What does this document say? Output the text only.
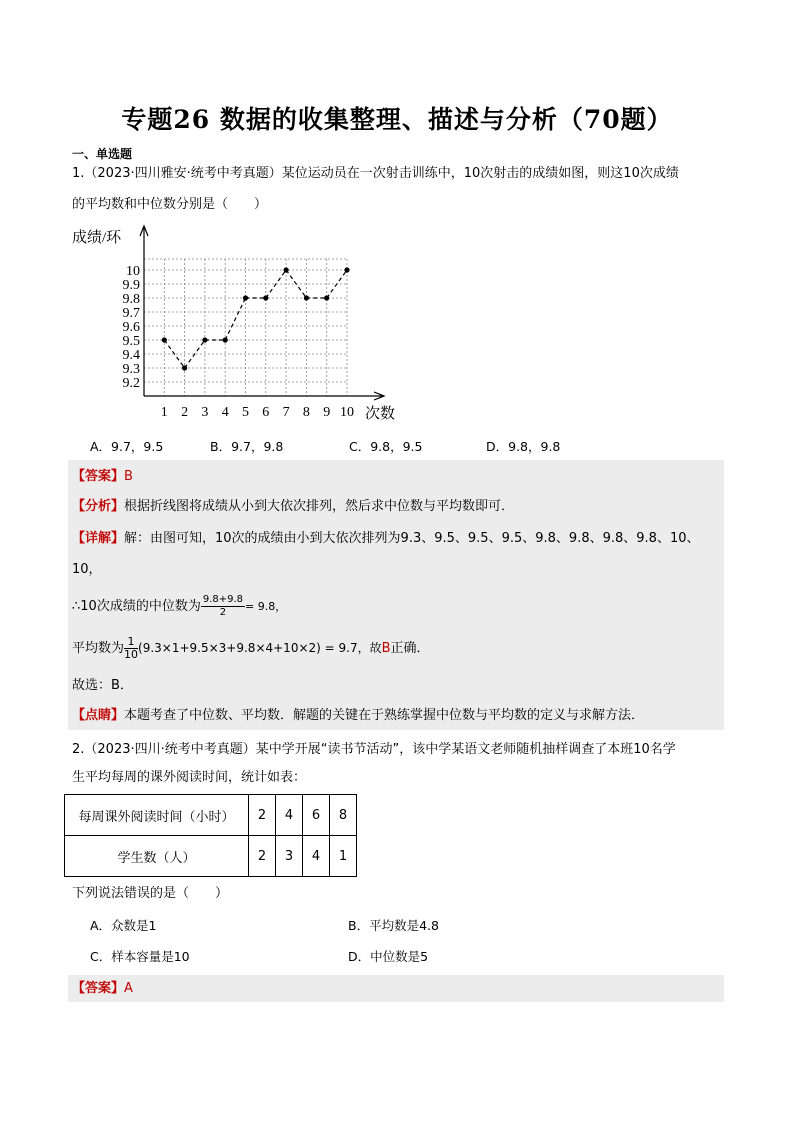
专题26 数据的收集整理、描述与分析（70题）
一、单选题
1.（2023·四川雅安·统考中考真题）某位运动员在一次射击训练中，10次射击的成绩如图，则这10次成绩
的平均数和中位数分别是（　　）
9.2
9.3
9.4
9.5
9.6
9.7
9.8
9.9
10
1 2 3 4 5 6 7 8 9 10
成绩/环
次数
A．9.7，9.5	B．9.7，9.8	C．9.8，9.5	D．9.8，9.8
【答案】B
【分析】根据折线图将成绩从小到大依次排列，然后求中位数与平均数即可．
【详解】解：由图可知，10次的成绩由小到大依次排列为9.3、9.5、9.5、9.5、9.8、9.8、9.8、9.8、10、
10，
∴10次成绩的中位数为 $\frac{9.8+9.8}{2} = 9.8$，
平均数为 $\frac{1}{10} (9.3\times 1+9.5\times 3+9.8\times 4+10\times 2) = 9.7$，故B正确．
故选：B．
【点睛】本题考查了中位数、平均数．解题的关键在于熟练掌握中位数与平均数的定义与求解方法．
2.（2023·四川·统考中考真题）某中学开展“读书节活动”，该中学某语文老师随机抽样调查了本班10名学
生平均每周的课外阅读时间，统计如表：
每周课外阅读时间（小时）	2	4	6	8
学生数（人）	2	3	4	1
下列说法错误的是（　　）
A．众数是1	B．平均数是4.8
C．样本容量是10	D．中位数是5
【答案】A
